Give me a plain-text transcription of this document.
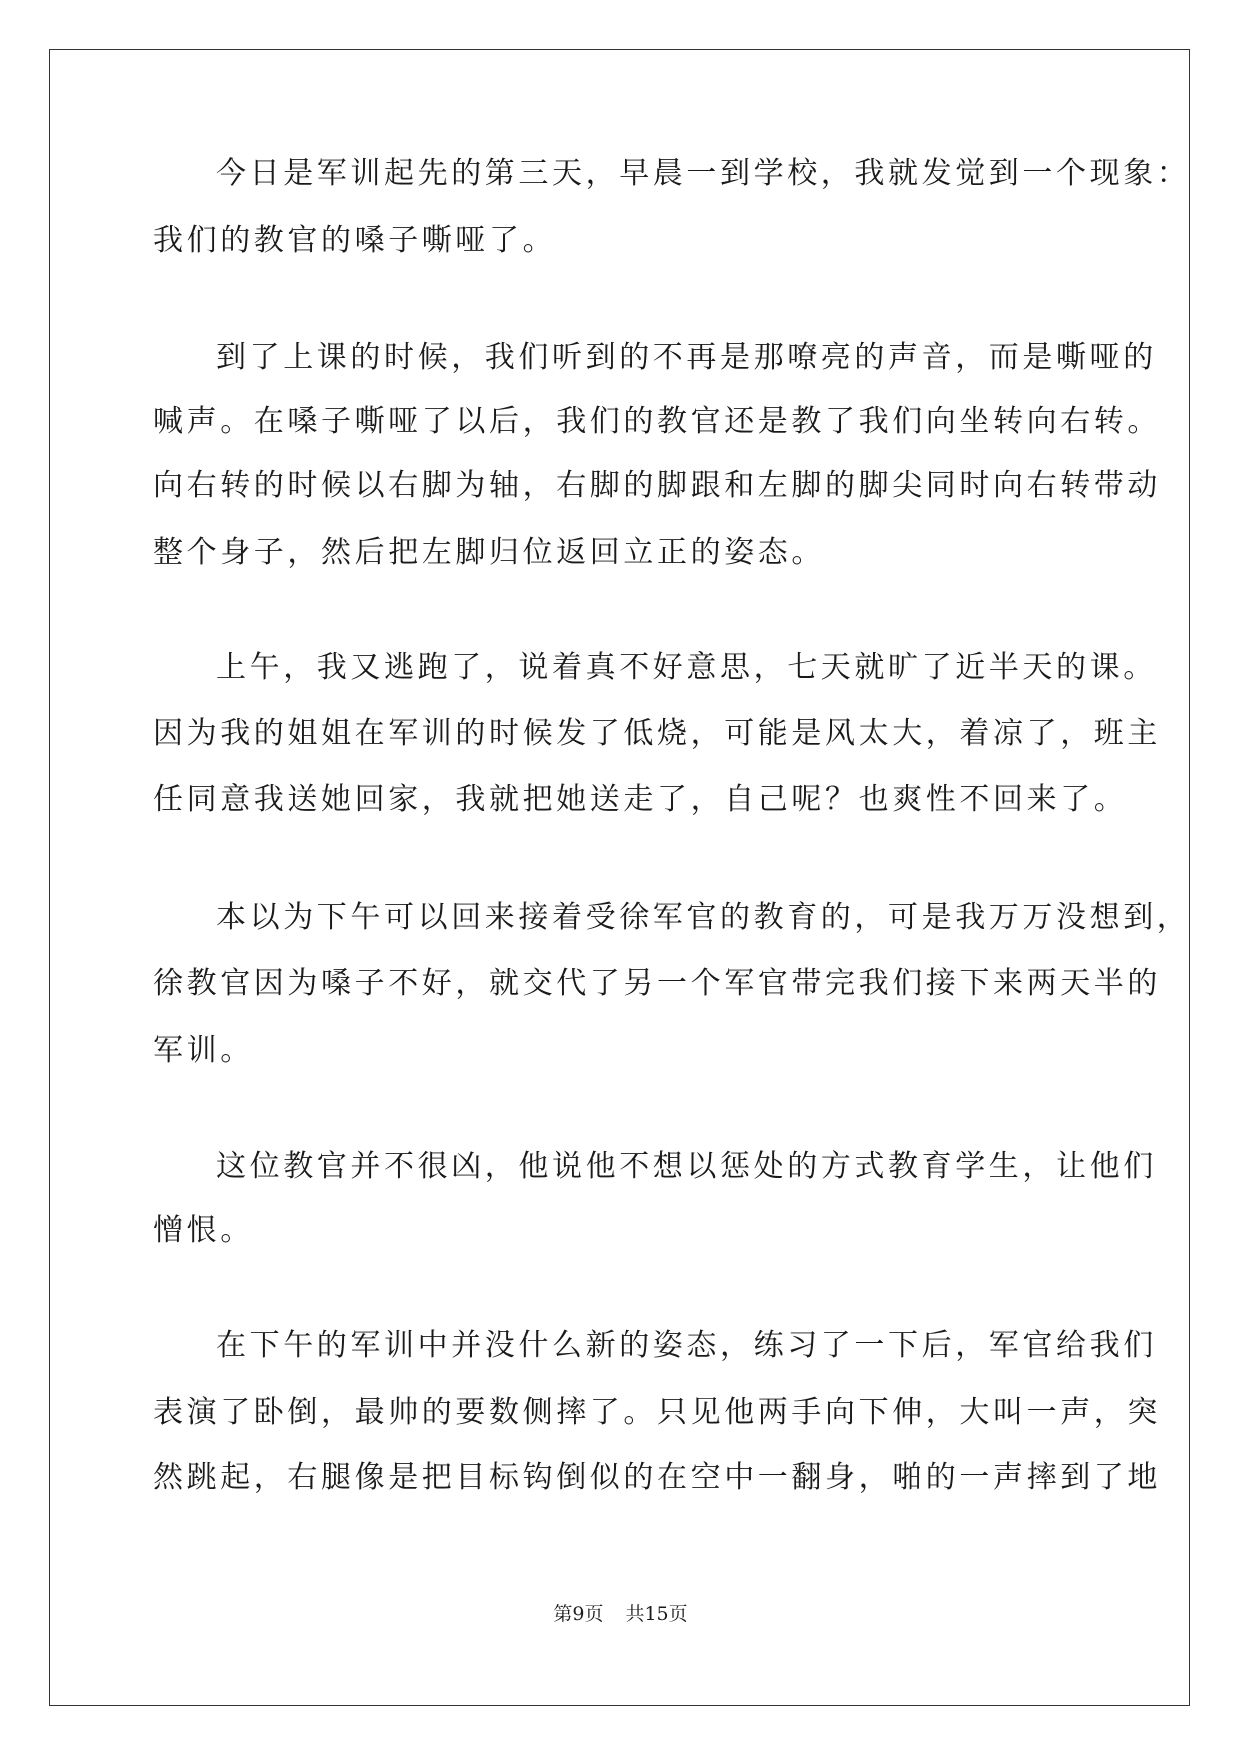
今日是军训起先的第三天，早晨一到学校，我就发觉到一个现象：
我们的教官的嗓子嘶哑了。
到了上课的时候，我们听到的不再是那嘹亮的声音，而是嘶哑的
喊声。在嗓子嘶哑了以后，我们的教官还是教了我们向坐转向右转。
向右转的时候以右脚为轴，右脚的脚跟和左脚的脚尖同时向右转带动
整个身子，然后把左脚归位返回立正的姿态。
上午，我又逃跑了，说着真不好意思，七天就旷了近半天的课。
因为我的姐姐在军训的时候发了低烧，可能是风太大，着凉了，班主
任同意我送她回家，我就把她送走了，自己呢？也爽性不回来了。
本以为下午可以回来接着受徐军官的教育的，可是我万万没想到，
徐教官因为嗓子不好，就交代了另一个军官带完我们接下来两天半的
军训。
这位教官并不很凶，他说他不想以惩处的方式教育学生，让他们
憎恨。
在下午的军训中并没什么新的姿态，练习了一下后，军官给我们
表演了卧倒，最帅的要数侧摔了。只见他两手向下伸，大叫一声，突
然跳起，右腿像是把目标钩倒似的在空中一翻身，啪的一声摔到了地
第9页 共15页
